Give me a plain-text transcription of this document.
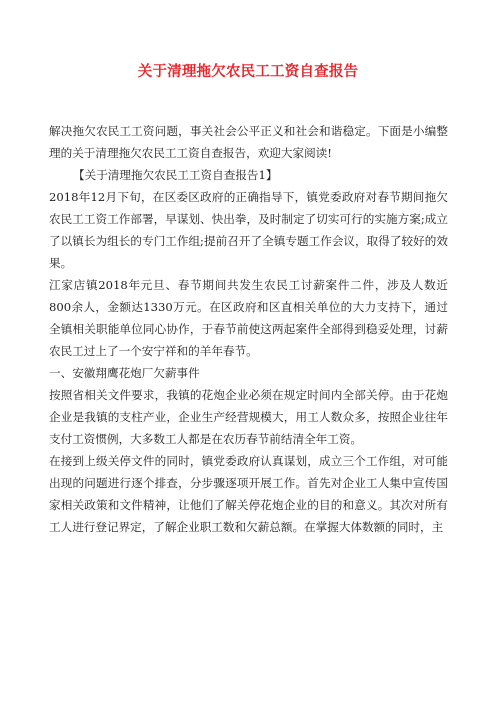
关于清理拖欠农民工工资自查报告

解决拖欠农民工工资问题，事关社会公平正义和社会和谐稳定。下面是小编整理的关于清理拖欠农民工工资自查报告，欢迎大家阅读!

【关于清理拖欠农民工工资自查报告1】

2018年12月下旬，在区委区政府的正确指导下，镇党委政府对春节期间拖欠农民工工资工作部署，早谋划、快出拳，及时制定了切实可行的实施方案;成立了以镇长为组长的专门工作组;提前召开了全镇专题工作会议，取得了较好的效果。

江家店镇2018年元旦、春节期间共发生农民工讨薪案件二件，涉及人数近800余人，金额达1330万元。在区政府和区直相关单位的大力支持下，通过全镇相关职能单位同心协作，于春节前使这两起案件全部得到稳妥处理，讨薪农民工过上了一个安宁祥和的羊年春节。

一、安徽翔鹰花炮厂欠薪事件

按照省相关文件要求，我镇的花炮企业必须在规定时间内全部关停。由于花炮企业是我镇的支柱产业，企业生产经营规模大，用工人数众多，按照企业往年支付工资惯例，大多数工人都是在农历春节前结清全年工资。

在接到上级关停文件的同时，镇党委政府认真谋划，成立三个工作组，对可能出现的问题进行逐个排查，分步骤逐项开展工作。首先对企业工人集中宣传国家相关政策和文件精神，让他们了解关停花炮企业的目的和意义。其次对所有工人进行登记界定，了解企业职工数和欠薪总额。在掌握大体数额的同时，主
